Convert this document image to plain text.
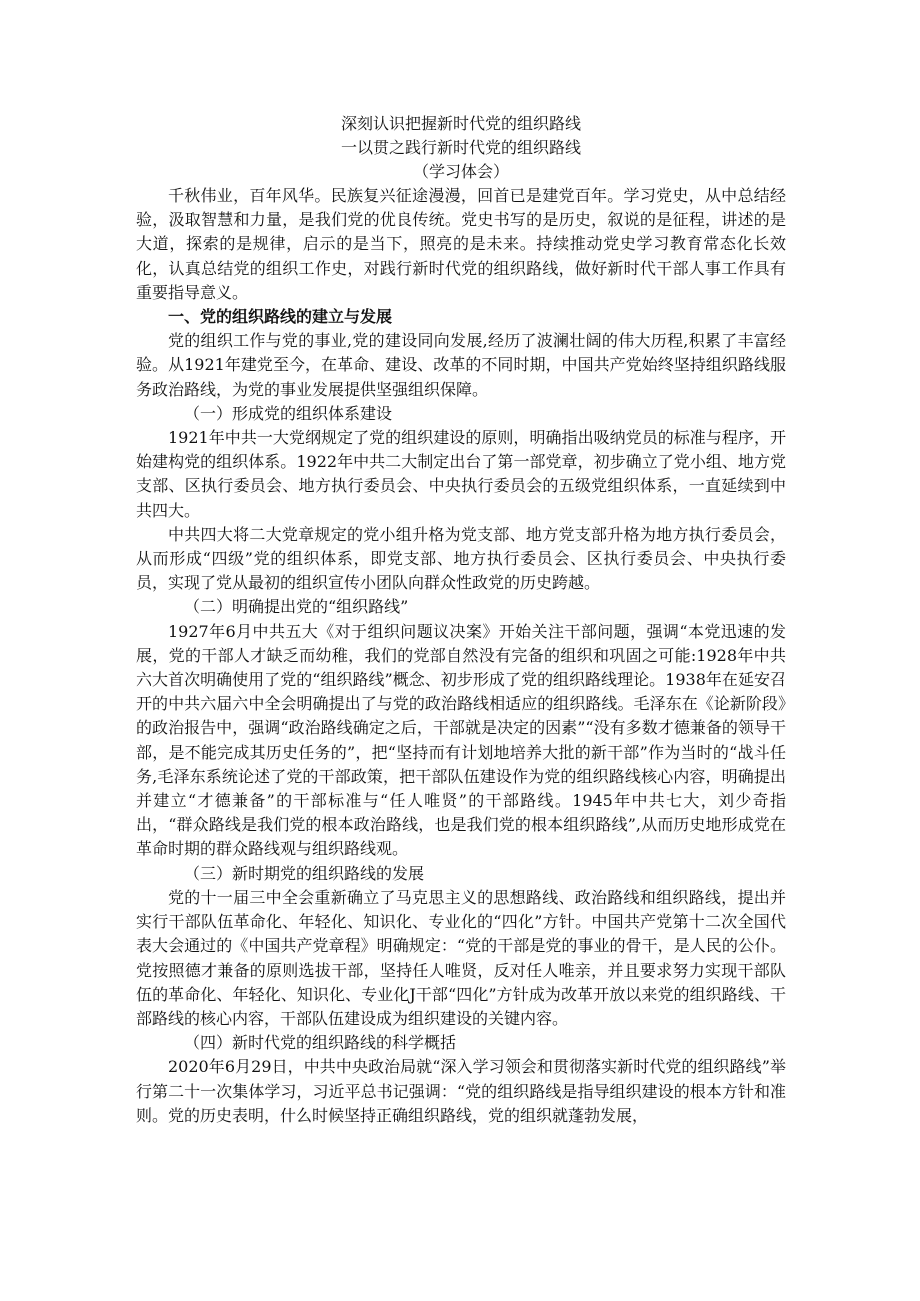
深刻认识把握新时代党的组织路线

一以贯之践行新时代党的组织路线

（学习体会）

千秋伟业，百年风华。民族复兴征途漫漫，回首已是建党百年。学习党史，从中总结经验，汲取智慧和力量，是我们党的优良传统。党史书写的是历史，叙说的是征程，讲述的是大道，探索的是规律，启示的是当下，照亮的是未来。持续推动党史学习教育常态化长效化，认真总结党的组织工作史，对践行新时代党的组织路线，做好新时代干部人事工作具有重要指导意义。

一、党的组织路线的建立与发展

党的组织工作与党的事业,党的建设同向发展,经历了波澜壮阔的伟大历程,积累了丰富经验。从1921年建党至今，在革命、建设、改革的不同时期，中国共产党始终坚持组织路线服务政治路线，为党的事业发展提供坚强组织保障。

（一）形成党的组织体系建设

1921年中共一大党纲规定了党的组织建设的原则，明确指出吸纳党员的标准与程序，开始建构党的组织体系。1922年中共二大制定出台了第一部党章，初步确立了党小组、地方党支部、区执行委员会、地方执行委员会、中央执行委员会的五级党组织体系，一直延续到中共四大。

中共四大将二大党章规定的党小组升格为党支部、地方党支部升格为地方执行委员会，从而形成“四级”党的组织体系，即党支部、地方执行委员会、区执行委员会、中央执行委员，实现了党从最初的组织宣传小团队向群众性政党的历史跨越。

（二）明确提出党的“组织路线”

1927年6月中共五大《对于组织问题议决案》开始关注干部问题，强调“本党迅速的发展，党的干部人才缺乏而幼稚，我们的党部自然没有完备的组织和巩固之可能:1928年中共六大首次明确使用了党的“组织路线”概念、初步形成了党的组织路线理论。1938年在延安召开的中共六届六中全会明确提出了与党的政治路线相适应的组织路线。毛泽东在《论新阶段》的政治报告中，强调“政治路线确定之后，干部就是决定的因素”“没有多数才德兼备的领导干部，是不能完成其历史任务的”，把“坚持而有计划地培养大批的新干部”作为当时的“战斗任务,毛泽东系统论述了党的干部政策，把干部队伍建设作为党的组织路线核心内容，明确提出并建立“才德兼备”的干部标准与“任人唯贤”的干部路线。1945年中共七大，刘少奇指出，“群众路线是我们党的根本政治路线，也是我们党的根本组织路线”,从而历史地形成党在革命时期的群众路线观与组织路线观。

（三）新时期党的组织路线的发展

党的十一届三中全会重新确立了马克思主义的思想路线、政治路线和组织路线，提出并实行干部队伍革命化、年轻化、知识化、专业化的“四化”方针。中国共产党第十二次全国代表大会通过的《中国共产党章程》明确规定：“党的干部是党的事业的骨干，是人民的公仆。党按照德才兼备的原则选拔干部，坚持任人唯贤，反对任人唯亲，并且要求努力实现干部队伍的革命化、年轻化、知识化、专业化J干部“四化”方针成为改革开放以来党的组织路线、干部路线的核心内容，干部队伍建设成为组织建设的关键内容。

（四）新时代党的组织路线的科学概括

2020年6月29日，中共中央政治局就“深入学习领会和贯彻落实新时代党的组织路线”举行第二十一次集体学习，习近平总书记强调：“党的组织路线是指导组织建设的根本方针和准则。党的历史表明，什么时候坚持正确组织路线，党的组织就蓬勃发展，
